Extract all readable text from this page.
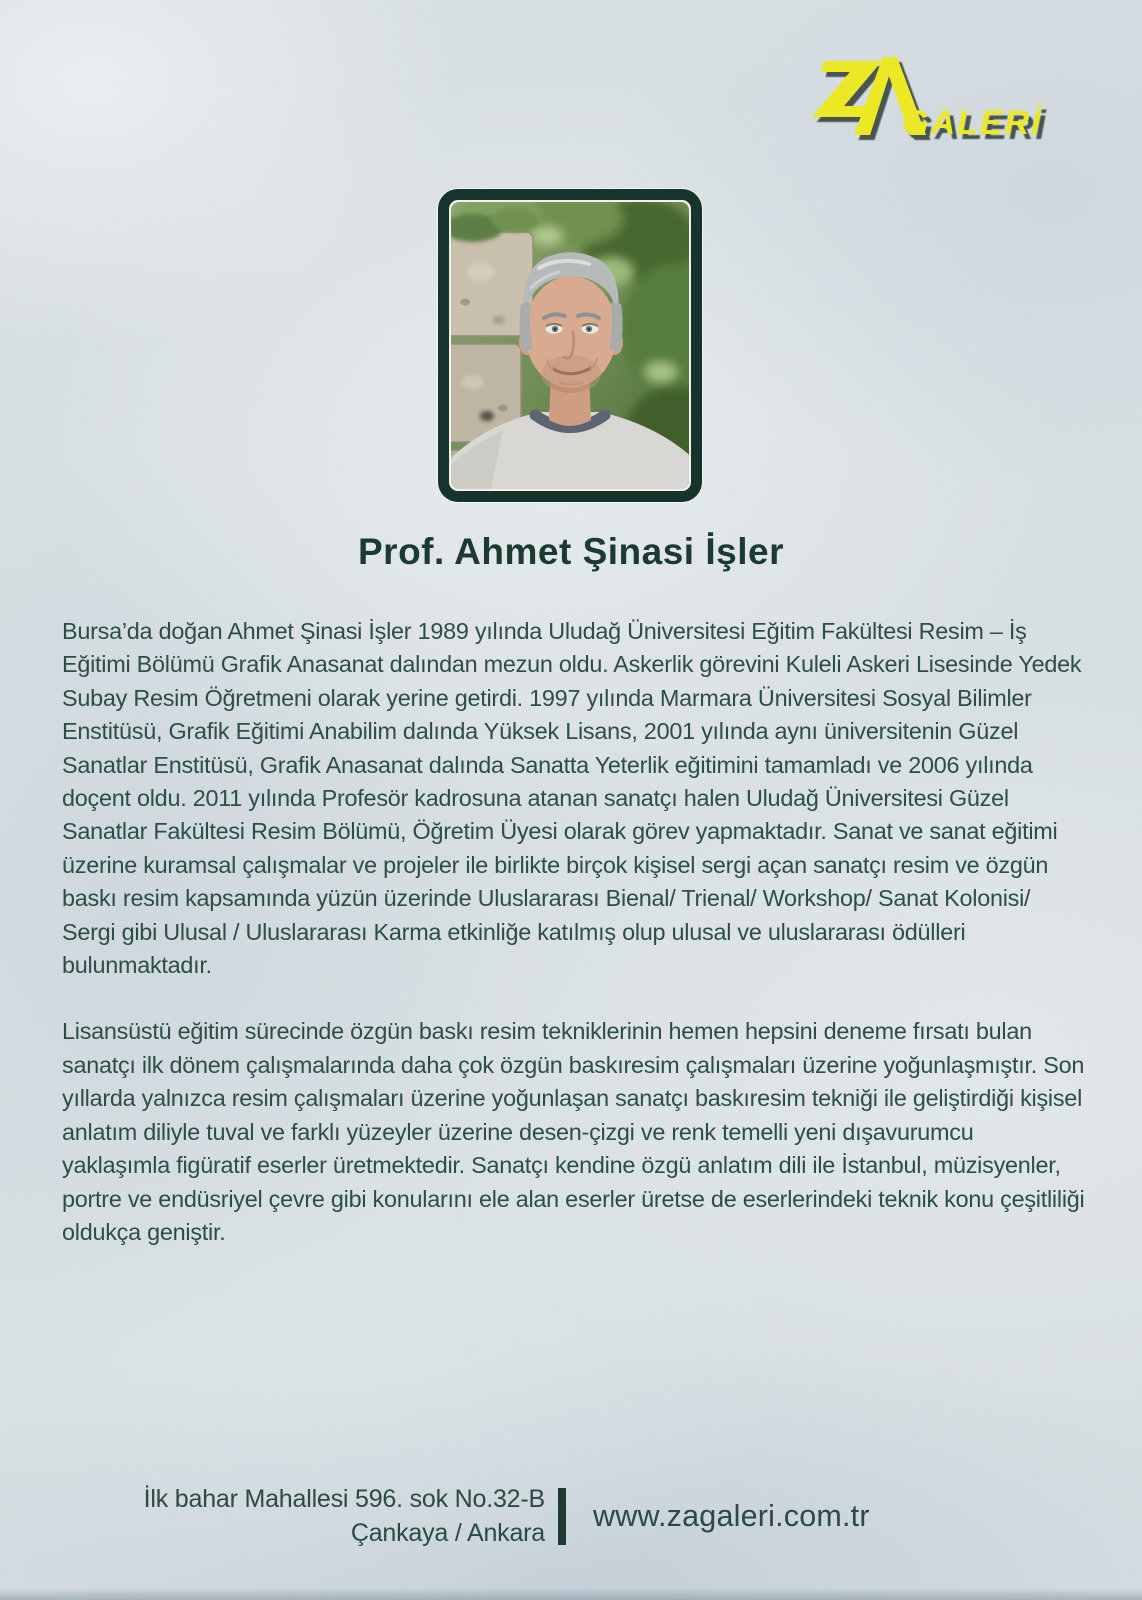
GALERİ
Prof. Ahmet Şinasi İşler

Bursa’da doğan Ahmet Şinasi İşler 1989 yılında Uludağ Üniversitesi Eğitim Fakültesi Resim – İş Eğitimi Bölümü Grafik Anasanat dalından mezun oldu. Askerlik görevini Kuleli Askeri Lisesinde Yedek Subay Resim Öğretmeni olarak yerine getirdi. 1997 yılında Marmara Üniversitesi Sosyal Bilimler Enstitüsü, Grafik Eğitimi Anabilim dalında Yüksek Lisans, 2001 yılında aynı üniversitenin Güzel Sanatlar Enstitüsü, Grafik Anasanat dalında Sanatta Yeterlik eğitimini tamamladı ve 2006 yılında doçent oldu. 2011 yılında Profesör kadrosuna atanan sanatçı halen Uludağ Üniversitesi Güzel Sanatlar Fakültesi Resim Bölümü, Öğretim Üyesi olarak görev yapmaktadır. Sanat ve sanat eğitimi üzerine kuramsal çalışmalar ve projeler ile birlikte birçok kişisel sergi açan sanatçı resim ve özgün baskı resim kapsamında yüzün üzerinde Uluslararası Bienal/ Trienal/ Workshop/ Sanat Kolonisi/ Sergi gibi Ulusal / Uluslararası Karma etkinliğe katılmış olup ulusal ve uluslararası ödülleri bulunmaktadır.

Lisansüstü eğitim sürecinde özgün baskı resim tekniklerinin hemen hepsini deneme fırsatı bulan sanatçı ilk dönem çalışmalarında daha çok özgün baskıresim çalışmaları üzerine yoğunlaşmıştır. Son yıllarda yalnızca resim çalışmaları üzerine yoğunlaşan sanatçı baskıresim tekniği ile geliştirdiği kişisel anlatım diliyle tuval ve farklı yüzeyler üzerine desen-çizgi ve renk temelli yeni dışavurumcu yaklaşımla figüratif eserler üretmektedir. Sanatçı kendine özgü anlatım dili ile İstanbul, müzisyenler, portre ve endüsriyel çevre gibi konularını ele alan eserler üretse de eserlerindeki teknik konu çeşitliliği oldukça geniştir.

İlk bahar Mahallesi 596. sok No.32-B
Çankaya / Ankara
www.zagaleri.com.tr
